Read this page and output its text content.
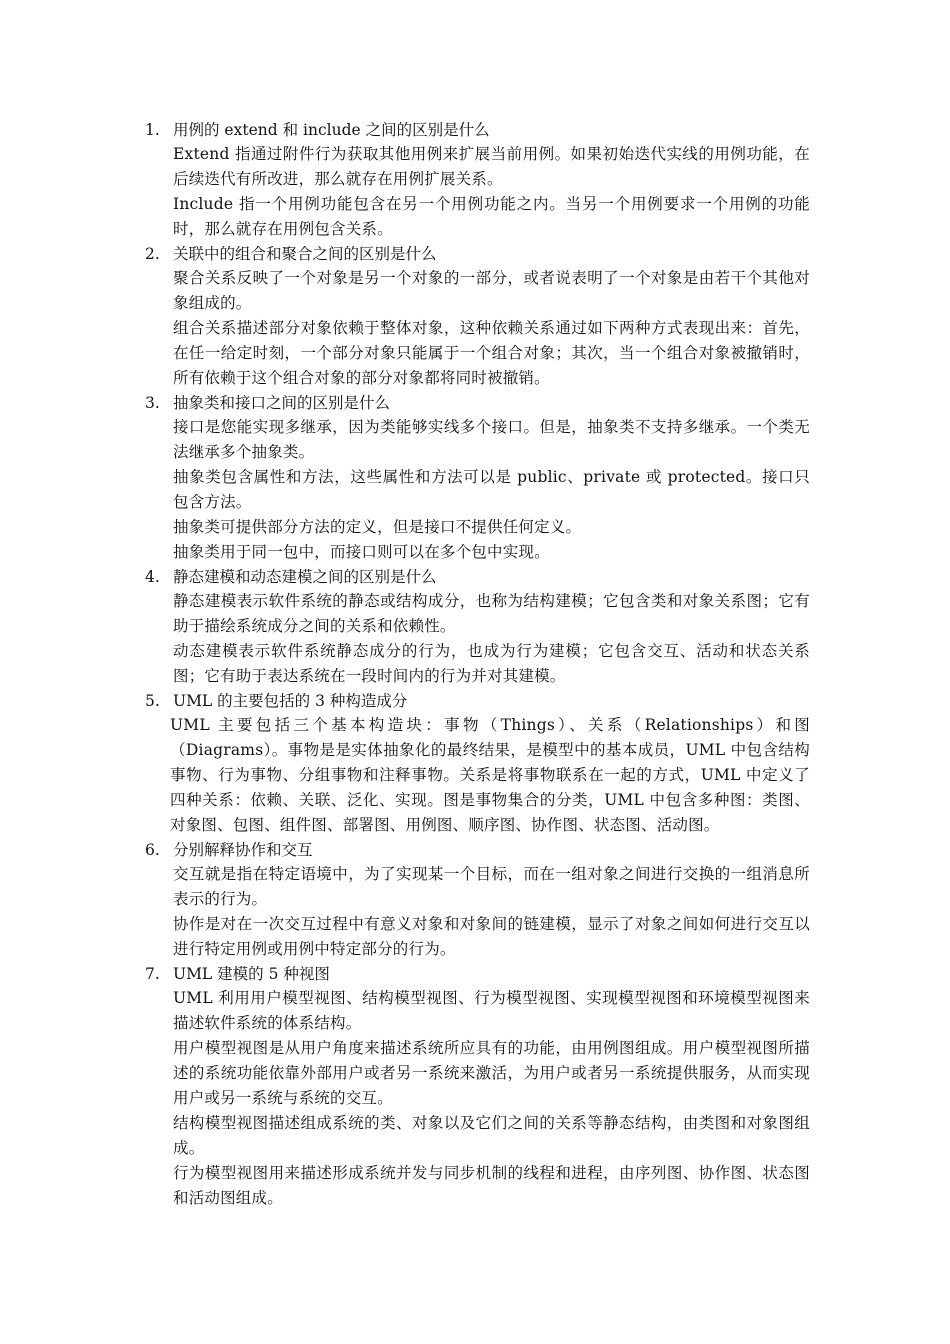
1. 用例的 extend 和 include 之间的区别是什么
Extend 指通过附件行为获取其他用例来扩展当前用例。如果初始迭代实线的用例功能，在后续迭代有所改进，那么就存在用例扩展关系。
Include 指一个用例功能包含在另一个用例功能之内。当另一个用例要求一个用例的功能时，那么就存在用例包含关系。
2. 关联中的组合和聚合之间的区别是什么
聚合关系反映了一个对象是另一个对象的一部分，或者说表明了一个对象是由若干个其他对象组成的。
组合关系描述部分对象依赖于整体对象，这种依赖关系通过如下两种方式表现出来：首先，在任一给定时刻，一个部分对象只能属于一个组合对象；其次，当一个组合对象被撤销时，所有依赖于这个组合对象的部分对象都将同时被撤销。
3. 抽象类和接口之间的区别是什么
接口是您能实现多继承，因为类能够实线多个接口。但是，抽象类不支持多继承。一个类无法继承多个抽象类。
抽象类包含属性和方法，这些属性和方法可以是 public、private 或 protected。接口只包含方法。
抽象类可提供部分方法的定义，但是接口不提供任何定义。
抽象类用于同一包中，而接口则可以在多个包中实现。
4. 静态建模和动态建模之间的区别是什么
静态建模表示软件系统的静态或结构成分，也称为结构建模；它包含类和对象关系图；它有助于描绘系统成分之间的关系和依赖性。
动态建模表示软件系统静态成分的行为，也成为行为建模；它包含交互、活动和状态关系图；它有助于表达系统在一段时间内的行为并对其建模。
5. UML 的主要包括的 3 种构造成分
UML 主要包括三个基本构造块：事物（Things）、关系（Relationships）和图（Diagrams）。事物是是实体抽象化的最终结果，是模型中的基本成员，UML 中包含结构事物、行为事物、分组事物和注释事物。关系是将事物联系在一起的方式，UML 中定义了四种关系：依赖、关联、泛化、实现。图是事物集合的分类，UML 中包含多种图：类图、对象图、包图、组件图、部署图、用例图、顺序图、协作图、状态图、活动图。
6. 分别解释协作和交互
交互就是指在特定语境中，为了实现某一个目标，而在一组对象之间进行交换的一组消息所表示的行为。
协作是对在一次交互过程中有意义对象和对象间的链建模，显示了对象之间如何进行交互以进行特定用例或用例中特定部分的行为。
7. UML 建模的 5 种视图
UML 利用用户模型视图、结构模型视图、行为模型视图、实现模型视图和环境模型视图来描述软件系统的体系结构。
用户模型视图是从用户角度来描述系统所应具有的功能，由用例图组成。用户模型视图所描述的系统功能依靠外部用户或者另一系统来激活，为用户或者另一系统提供服务，从而实现用户或另一系统与系统的交互。
结构模型视图描述组成系统的类、对象以及它们之间的关系等静态结构，由类图和对象图组成。
行为模型视图用来描述形成系统并发与同步机制的线程和进程，由序列图、协作图、状态图和活动图组成。
